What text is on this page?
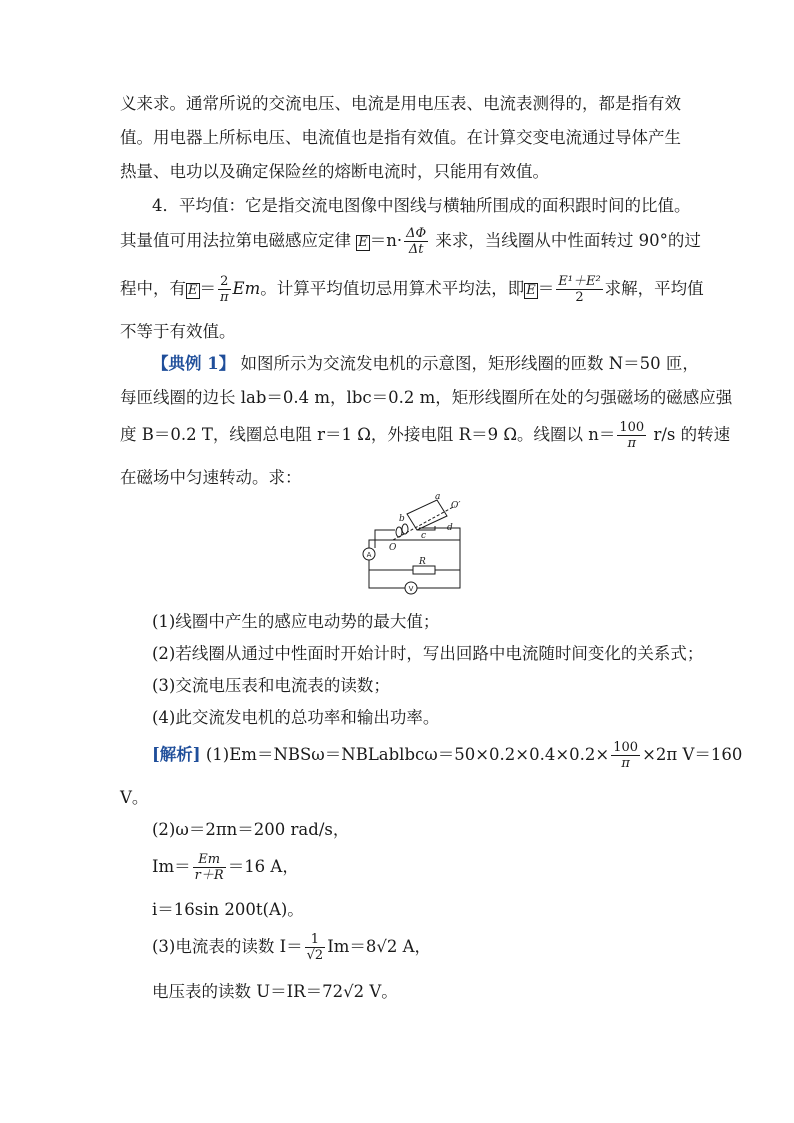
义来求。通常所说的交流电压、电流是用电压表、电流表测得的，都是指有效
值。用电器上所标电压、电流值也是指有效值。在计算交变电流通过导体产生
热量、电功以及确定保险丝的熔断电流时，只能用有效值。
4．平均值：它是指交流电图像中图线与横轴所围成的面积跟时间的比值。
其量值可用法拉第电磁感应定律 $E =n\cdot \frac{\Delta\Phi}{\Delta t}$ 来求，当线圈从中性面转过 90°的过
程中，有 $E = \frac{2}{\pi}$ Em。计算平均值切忌用算术平均法，即 $E = \frac{\text{E¹＋E²}}{2}$ 求解，平均值
不等于有效值。
【典例 1】 如图所示为交流发电机的示意图，矩形线圈的匝数 N＝50 匝，
每匝线圈的边长 lab＝0.4 m，lbc＝0.2 m，矩形线圈所在处的匀强磁场的磁感应强
度 B＝0.2 T，线圈总电阻 r＝1 Ω，外接电阻 R＝9 Ω。线圈以 $n= \frac{100}{\pi} r/s$ 的转速
在磁场中匀速转动。求：
a
b
c
d
O
O′
R
A
V
(1)线圈中产生的感应电动势的最大值；
(2)若线圈从通过中性面时开始计时，写出回路中电流随时间变化的关系式；
(3)交流电压表和电流表的读数；
(4)此交流发电机的总功率和输出功率。
[解析] (1)Em＝NBSω＝NBLablbcω＝50×0.2×0.4×0.2× $\frac{100}{\pi} \times 2\pi$ V＝160
V。
(2)ω＝2πn＝200 rad/s，
$Im= \frac{Em}{r+R} =16$ A，
i＝16sin 200t(A)。
(3)电流表的读数 $I= \frac{1}{√2} Im=8√2$ A，
电压表的读数 U＝IR＝72√2 V。
